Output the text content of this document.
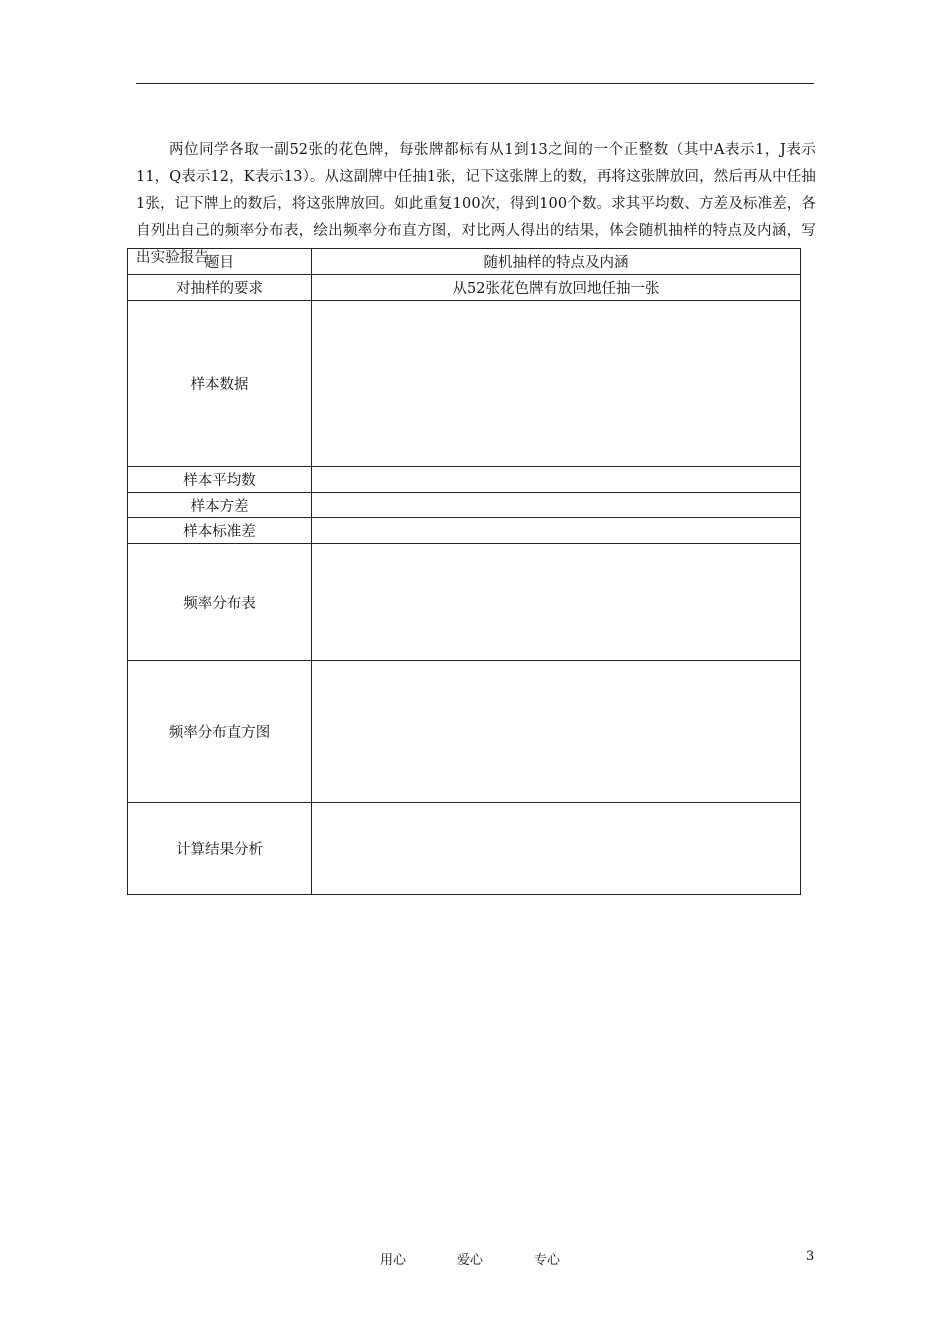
两位同学各取一副52张的花色牌，每张牌都标有从1到13之间的一个正整数（其中A表示1，J表示11，Q表示12，K表示13）。从这副牌中任抽1张，记下这张牌上的数，再将这张牌放回，然后再从中任抽1张，记下牌上的数后，将这张牌放回。如此重复100次，得到100个数。求其平均数、方差及标准差，各自列出自己的频率分布表，绘出频率分布直方图，对比两人得出的结果，体会随机抽样的特点及内涵，写出实验报告.

题目	随机抽样的特点及内涵
对抽样的要求	从52张花色牌有放回地任抽一张
样本数据	
样本平均数	
样本方差	
样本标准差	
频率分布表	
频率分布直方图	
计算结果分析	
用心	爱心	专心	3
